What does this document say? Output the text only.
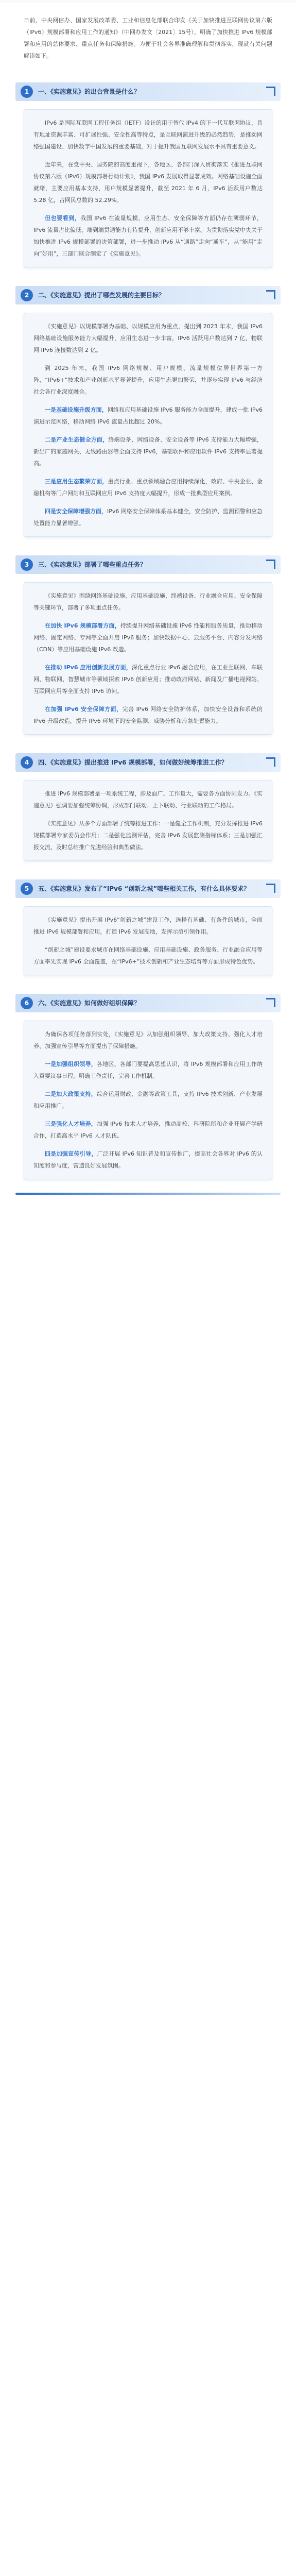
日前，中央网信办、国家发展改革委、工业和信息化部联合印发《关于加快推进互联网协议第六版（IPv6）规模部署和应用工作的通知》（中网办发文〔2021〕15号），明确了加快推进 IPv6 规模部署和应用的总体要求、重点任务和保障措施。为便于社会各界准确理解和贯彻落实，现就有关问题解读如下。
1	一、《实施意见》的出台背景是什么？

IPv6 是国际互联网工程任务组（IETF）设计的用于替代 IPv4 的下一代互联网协议，具有地址资源丰富、可扩展性强、安全性高等特点，是互联网演进升级的必然趋势，是推动网络强国建设、加快数字中国发展的重要基础，对于提升我国互联网发展水平具有重要意义。

近年来，在党中央、国务院的高度重视下，各地区、各部门深入贯彻落实《推进互联网协议第六版（IPv6）规模部署行动计划》，我国 IPv6 发展取得显著成效。网络基础设施全面就绪，主要应用基本支持，用户规模显著提升，截至 2021 年 6 月，IPv6 活跃用户数达 5.28 亿，占网民总数的 52.29%。

但也要看到，我国 IPv6 在流量规模、应用生态、安全保障等方面仍存在薄弱环节，IPv6 流量占比偏低，端到端贯通能力有待提升，创新应用不够丰富。为贯彻落实党中央关于加快推进 IPv6 规模部署的决策部署，进一步推动 IPv6 从“通路”走向“通车”，从“能用”走向“好用”，三部门联合制定了《实施意见》。

2	二、《实施意见》提出了哪些发展的主要目标？

《实施意见》以规模部署为基础、以规模应用为重点，提出到 2023 年末，我国 IPv6 网络基础设施服务能力大幅提升，应用生态进一步丰富，IPv6 活跃用户数达到 7 亿，物联网 IPv6 连接数达到 2 亿。

到 2025 年末，我国 IPv6 网络规模、用户规模、流量规模位居世界第一方阵，“IPv6+”技术和产业创新水平显著提升，应用生态更加繁荣，并逐步实现 IPv6 与经济社会各行业深度融合。

一是基础设施升级方面，网络和应用基础设施 IPv6 服务能力全面提升，建成一批 IPv6 演进示范网络，移动网络 IPv6 流量占比超过 20%。

二是产业生态健全方面，终端设备、网络设备、安全设备等 IPv6 支持能力大幅增强，新出厂的家庭网关、无线路由器等全面支持 IPv6，基础软件和应用软件 IPv6 支持率显著提高。

三是应用生态繁荣方面，重点行业、重点领域融合应用持续深化，政府、中央企业、金融机构等门户网站和互联网应用 IPv6 支持度大幅提升，形成一批典型应用案例。

四是安全保障增强方面，IPv6 网络安全保障体系基本健全，安全防护、监测预警和应急处置能力显著增强。

3	三、《实施意见》部署了哪些重点任务？

《实施意见》围绕网络基础设施、应用基础设施、终端设备、行业融合应用、安全保障等关键环节，部署了多项重点任务。

在加快 IPv6 规模部署方面，持续提升网络基础设施 IPv6 性能和服务质量，推动移动网络、固定网络、专网等全面开启 IPv6 服务；加快数据中心、云服务平台、内容分发网络（CDN）等应用基础设施 IPv6 改造。

在推动 IPv6 应用创新发展方面，深化重点行业 IPv6 融合应用，在工业互联网、车联网、物联网、智慧城市等领域探索 IPv6 创新应用；推动政府网站、新闻及广播电视网站、互联网应用等全面支持 IPv6 访问。

在加强 IPv6 安全保障方面，完善 IPv6 网络安全防护体系，加快安全设备和系统的 IPv6 升级改造，提升 IPv6 环境下的安全监测、威胁分析和应急处置能力。

4	四、《实施意见》提出推进 IPv6 规模部署，如何做好统筹推进工作？

推进 IPv6 规模部署是一项系统工程，涉及面广、工作量大，需要各方面协同发力。《实施意见》强调要加强统筹协调，形成部门联动、上下联动、行业联动的工作格局。

《实施意见》从多个方面部署了统筹推进工作：一是健全工作机制，充分发挥推进 IPv6 规模部署专家委员会作用；二是强化监测评估，完善 IPv6 发展监测指标体系；三是加强汇报交流，及时总结推广先进经验和典型做法。

5	五、《实施意见》发布了“IPv6 “创新之城”哪些相关工作，有什么具体要求？

《实施意见》提出开展 IPv6“创新之城”建设工作，选择有基础、有条件的城市，全面推进 IPv6 规模部署和应用，打造 IPv6 发展高地，发挥示范引领作用。

“创新之城”建设要求城市在网络基础设施、应用基础设施、政务服务、行业融合应用等方面率先实现 IPv6 全面覆盖，在“IPv6+”技术创新和产业生态培育等方面形成特色优势。

6	六、《实施意见》如何做好组织保障？

为确保各项任务落到实处，《实施意见》从加强组织领导、加大政策支持、强化人才培养、加强宣传引导等方面提出了保障措施。

一是加强组织领导，各地区、各部门要提高思想认识，将 IPv6 规模部署和应用工作纳入重要议事日程，明确工作责任，完善工作机制。

二是加大政策支持，综合运用财政、金融等政策工具，支持 IPv6 技术创新、产业发展和应用推广。

三是强化人才培养，加强 IPv6 技术人才培养，推动高校、科研院所和企业开展产学研合作，打造高水平 IPv6 人才队伍。

四是加强宣传引导，广泛开展 IPv6 知识普及和宣传推广，提高社会各界对 IPv6 的认知度和参与度，营造良好发展氛围。
